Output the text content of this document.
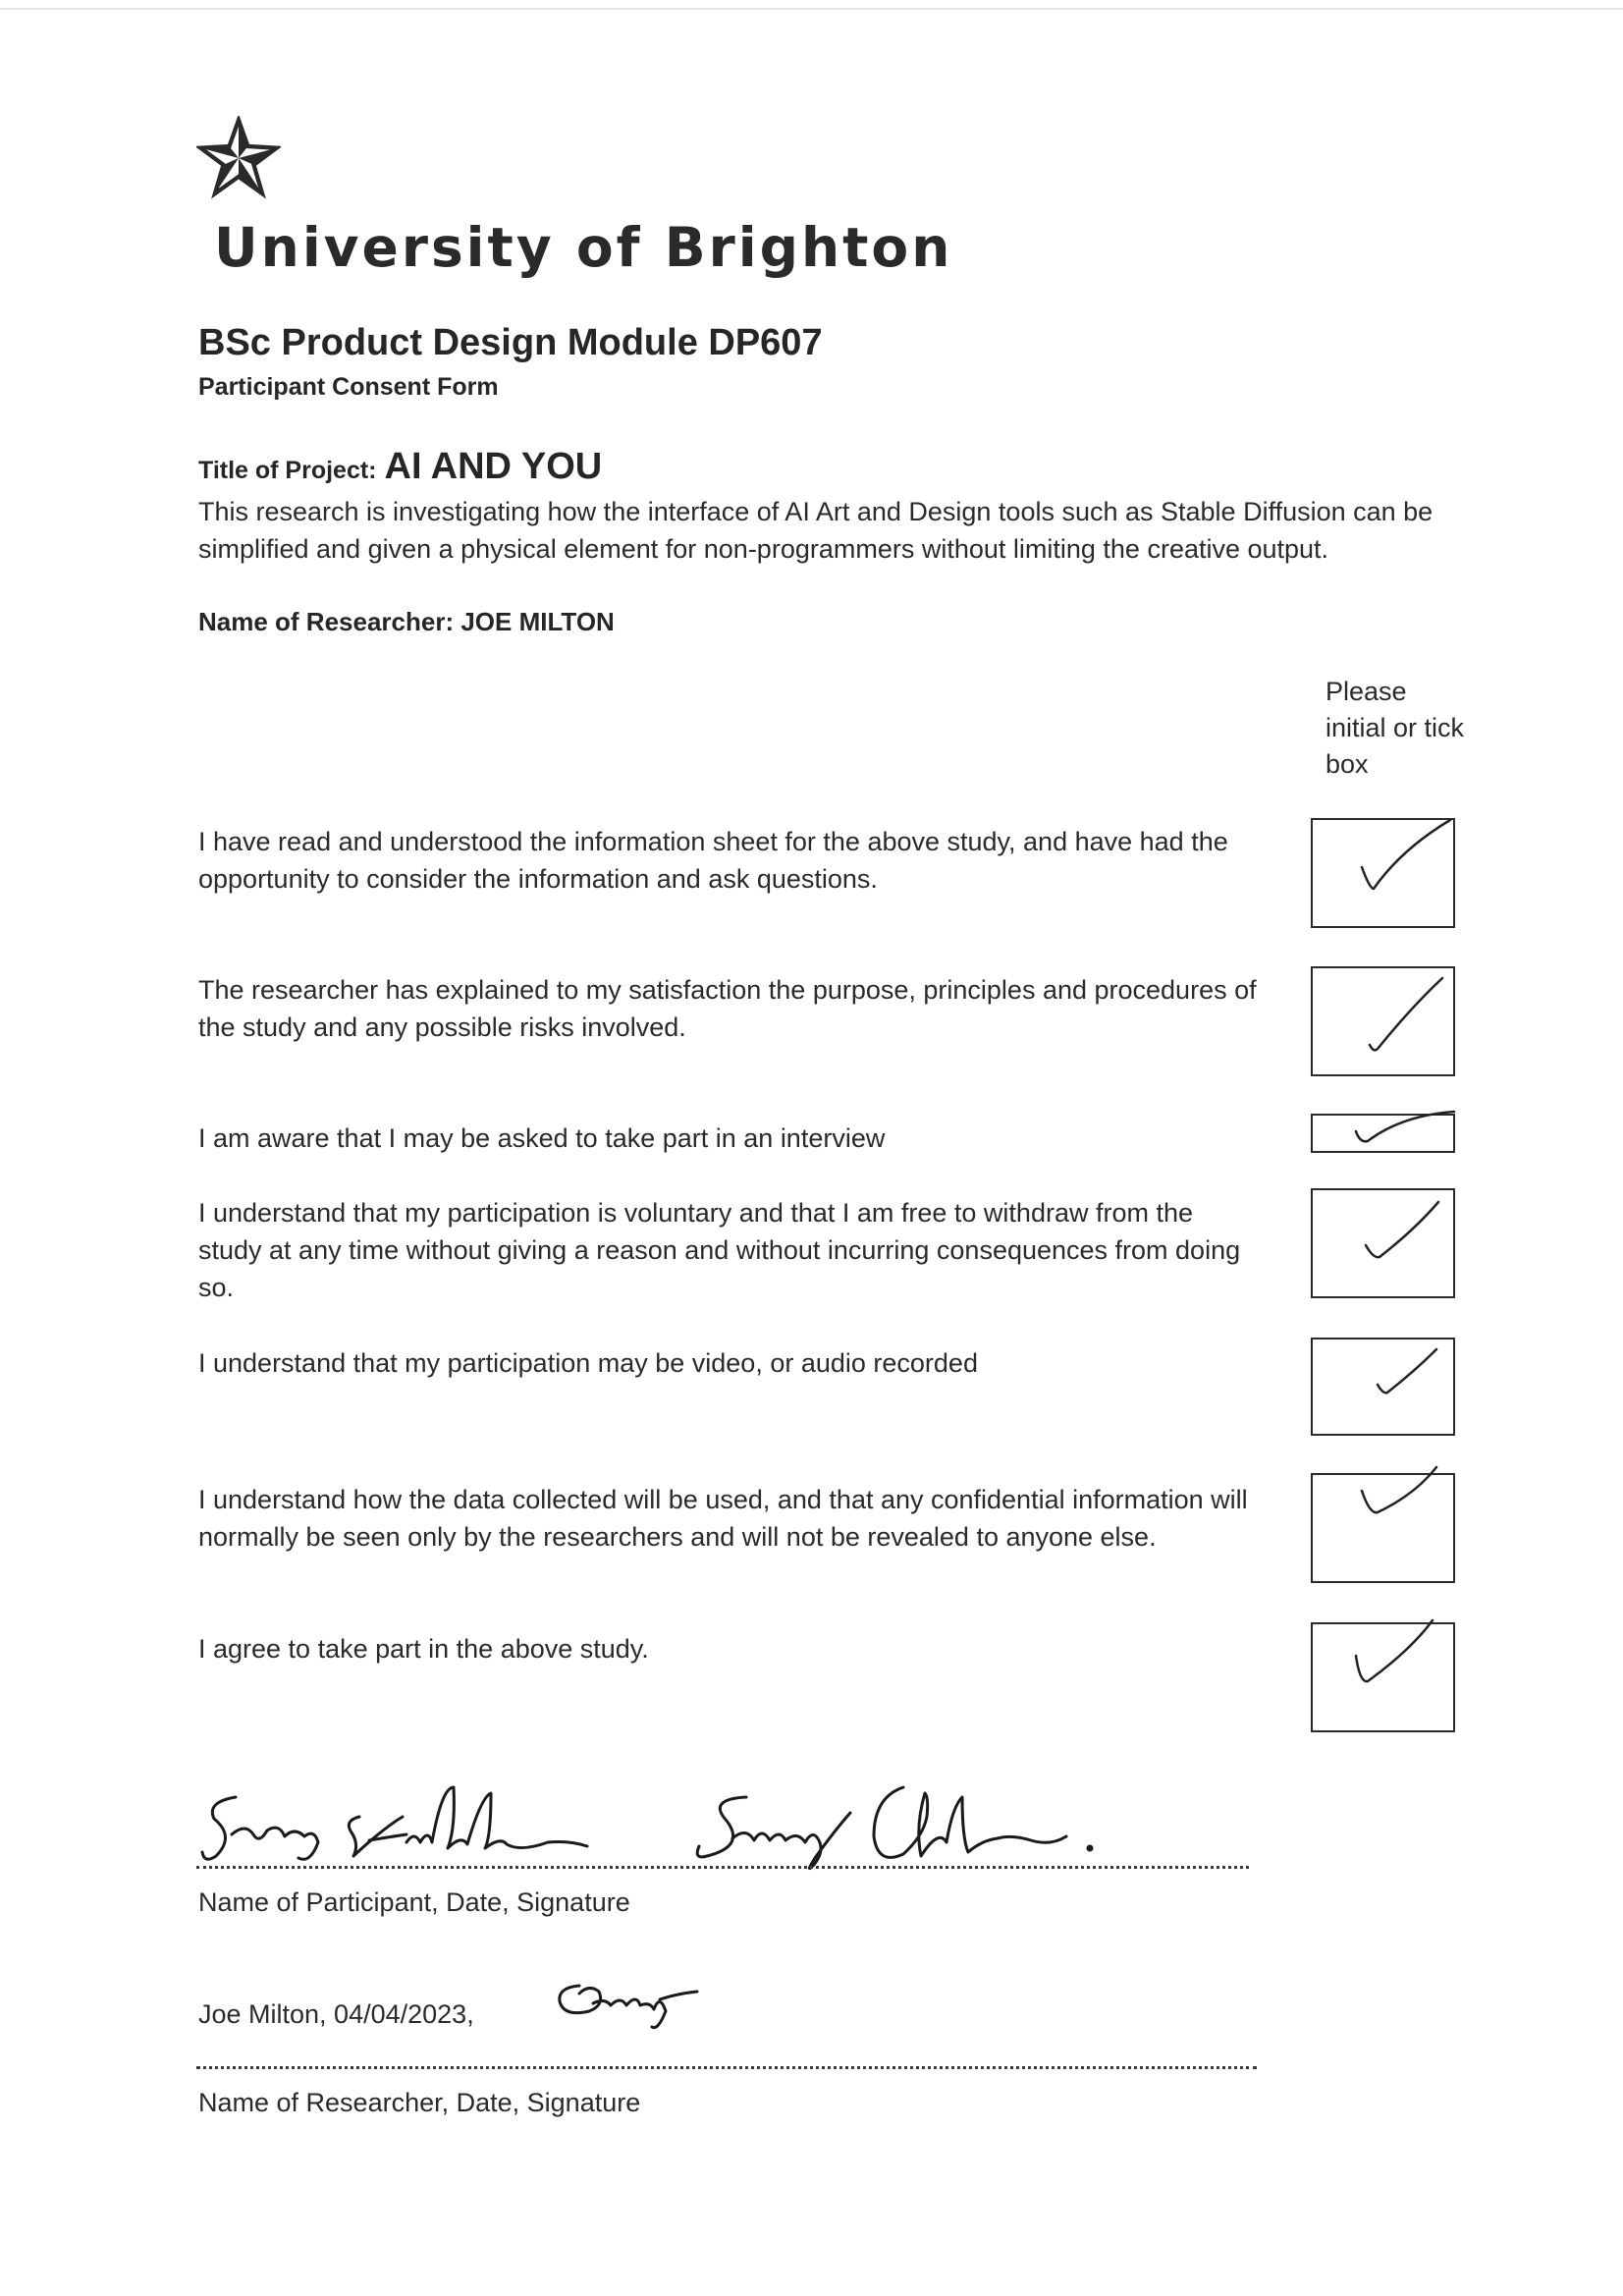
University of Brighton
BSc Product Design Module DP607
Participant Consent Form
Title of Project: AI AND YOU
This research is investigating how the interface of AI Art and Design tools such as Stable Diffusion can be simplified and given a physical element for non-programmers without limiting the creative output.
Name of Researcher: JOE MILTON
Please initial or tick box
I have read and understood the information sheet for the above study, and have had the opportunity to consider the information and ask questions.
The researcher has explained to my satisfaction the purpose, principles and procedures of the study and any possible risks involved.
I am aware that I may be asked to take part in an interview
I understand that my participation is voluntary and that I am free to withdraw from the study at any time without giving a reason and without incurring consequences from doing so.
I understand that my participation may be video, or audio recorded
I understand how the data collected will be used, and that any confidential information will normally be seen only by the researchers and will not be revealed to anyone else.
I agree to take part in the above study.
Name of Participant, Date, Signature
Joe Milton, 04/04/2023,
Name of Researcher, Date, Signature
